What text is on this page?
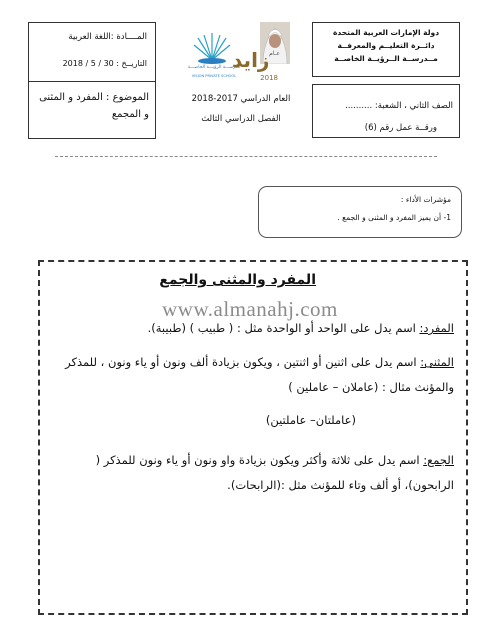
دولة الإمارات العربية المتحدة
دائــرة التعليــم والمعرفــة
مــدرســة الــرؤيــة الخاصــة
الصف الثاني ، الشعبة: ..........
ورقــة عمل رقم (6)
المــــادة :اللغة العربية
التاريــخ : 30 / 5 / 2018
الموضوع : المفرد و المثنى و المجمع
مدرســـة الرؤيـــة الخاصـــة
VISION PRIVATE SCHOOL
عـام
زايد
2018
العام الدراسي 2017-2018
الفصل الدراسي الثالث
مؤشرات الأداء :
1- أن يميز المفرد و المثنى و الجمع .
المفرد والمثنى والجمع
المفرد: اسم يدل على الواحد أو الواحدة مثل : ( طبيب ) (طبيبة).
المثنى: اسم يدل على اثنين أو اثنتين ، ويكون بزيادة ألف ونون أو ياء ونون ، للمذكر والمؤنث مثال : (عاملان – عاملين )
(عاملتان– عاملتين)
الجمع: اسم يدل على ثلاثة وأكثر ويكون بزيادة واو ونون أو ياء ونون للمذكر ( الرابحون)، أو ألف وتاء للمؤنث مثل :(الرابحات).
www.almanahj.com
